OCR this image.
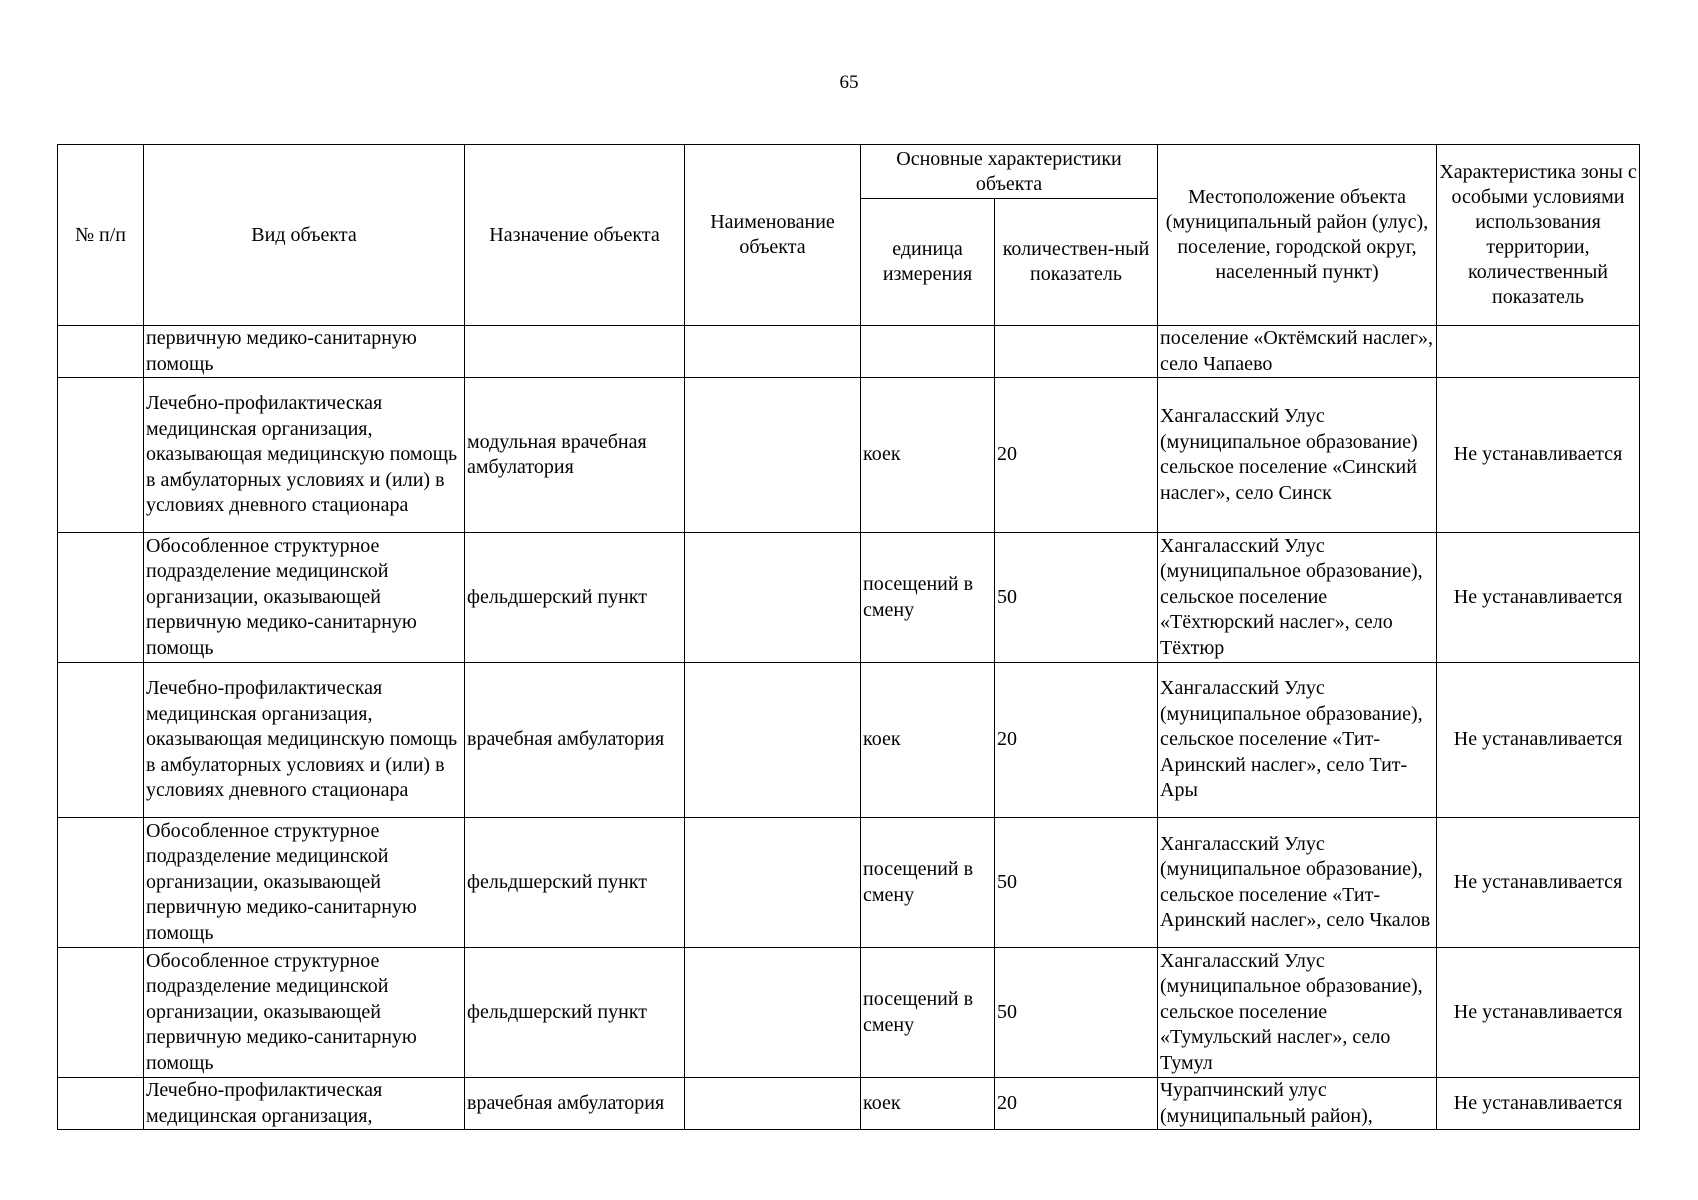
65
№ п/п	Вид объекта	Назначение объекта	Наименование объекта	Основные характеристики объекта		Местоположение объекта (муниципальный район (улус), поселение, городской округ, населенный пункт)	Характеристика зоны с особыми условиями использования территории, количественный показатель
				единица измерения	количествен-ный показатель		
	первичную медико-санитарную помощь					поселение «Октёмский наслег», село Чапаево	
	Лечебно-профилактическая медицинская организация, оказывающая медицинскую помощь в амбулаторных условиях и (или) в условиях дневного стационара	модульная врачебная амбулатория		коек	20	Хангаласский Улус (муниципальное образование) сельское поселение «Синский наслег», село Синск	Не устанавливается
	Обособленное структурное подразделение медицинской организации, оказывающей первичную медико-санитарную помощь	фельдшерский пункт		посещений в смену	50	Хангаласский Улус (муниципальное образование), сельское поселение «Тёхтюрский наслег», село Тёхтюр	Не устанавливается
	Лечебно-профилактическая медицинская организация, оказывающая медицинскую помощь в амбулаторных условиях и (или) в условиях дневного стационара	врачебная амбулатория		коек	20	Хангаласский Улус (муниципальное образование), сельское поселение «Тит-Аринский наслег», село Тит-Ары	Не устанавливается
	Обособленное структурное подразделение медицинской организации, оказывающей первичную медико-санитарную помощь	фельдшерский пункт		посещений в смену	50	Хангаласский Улус (муниципальное образование), сельское поселение «Тит-Аринский наслег», село Чкалов	Не устанавливается
	Обособленное структурное подразделение медицинской организации, оказывающей первичную медико-санитарную помощь	фельдшерский пункт		посещений в смену	50	Хангаласский Улус (муниципальное образование), сельское поселение «Тумульский наслег», село Тумул	Не устанавливается
	Лечебно-профилактическая медицинская организация,	врачебная амбулатория		коек	20	Чурапчинский улус (муниципальный район),	Не устанавливается
